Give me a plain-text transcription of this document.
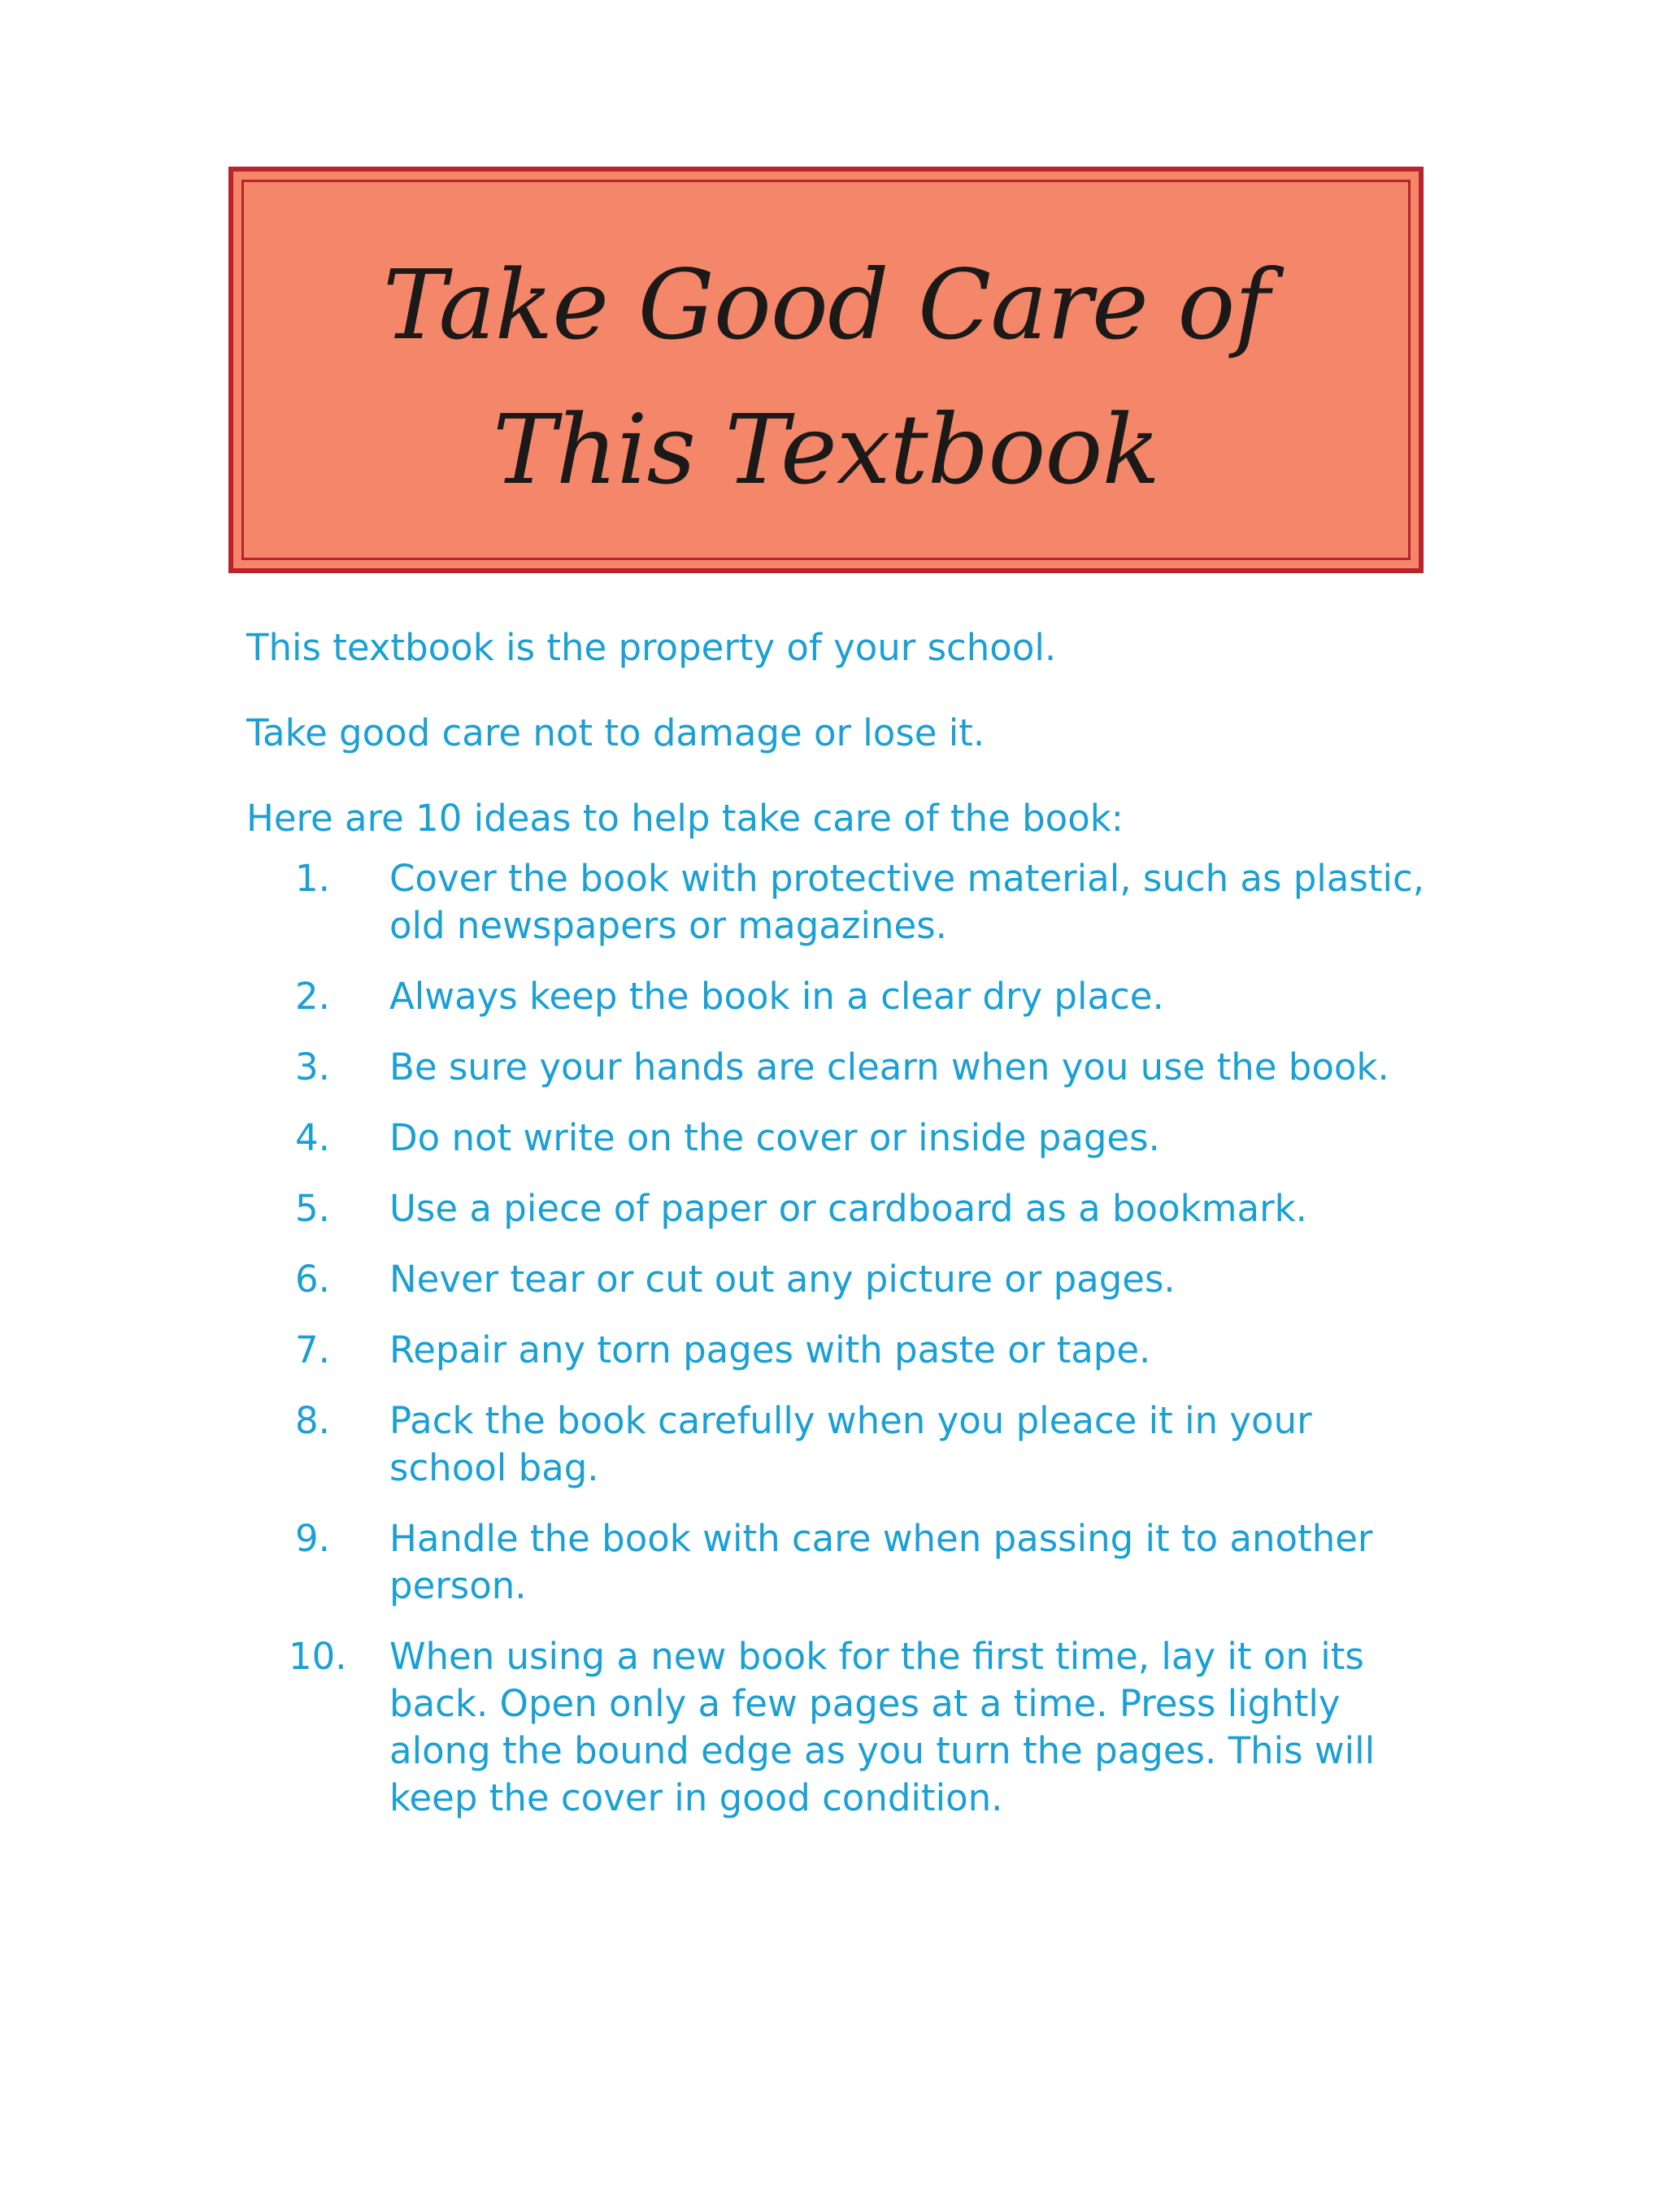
Take Good Care of
This Textbook

This textbook is the property of your school.

Take good care not to damage or lose it.

Here are 10 ideas to help take care of the book:

1.	Cover the book with protective material, such as plastic, old newspapers or magazines.
2.	Always keep the book in a clear dry place.
3.	Be sure your hands are clearn when you use the book.
4.	Do not write on the cover or inside pages.
5.	Use a piece of paper or cardboard as a bookmark.
6.	Never tear or cut out any picture or pages.
7.	Repair any torn pages with paste or tape.
8.	Pack the book carefully when you pleace it in your school bag.
9.	Handle the book with care when passing it to another person.
10.	When using a new book for the first time, lay it on its back. Open only a few pages at a time. Press lightly along the bound edge as you turn the pages. This will keep the cover in good condition.
